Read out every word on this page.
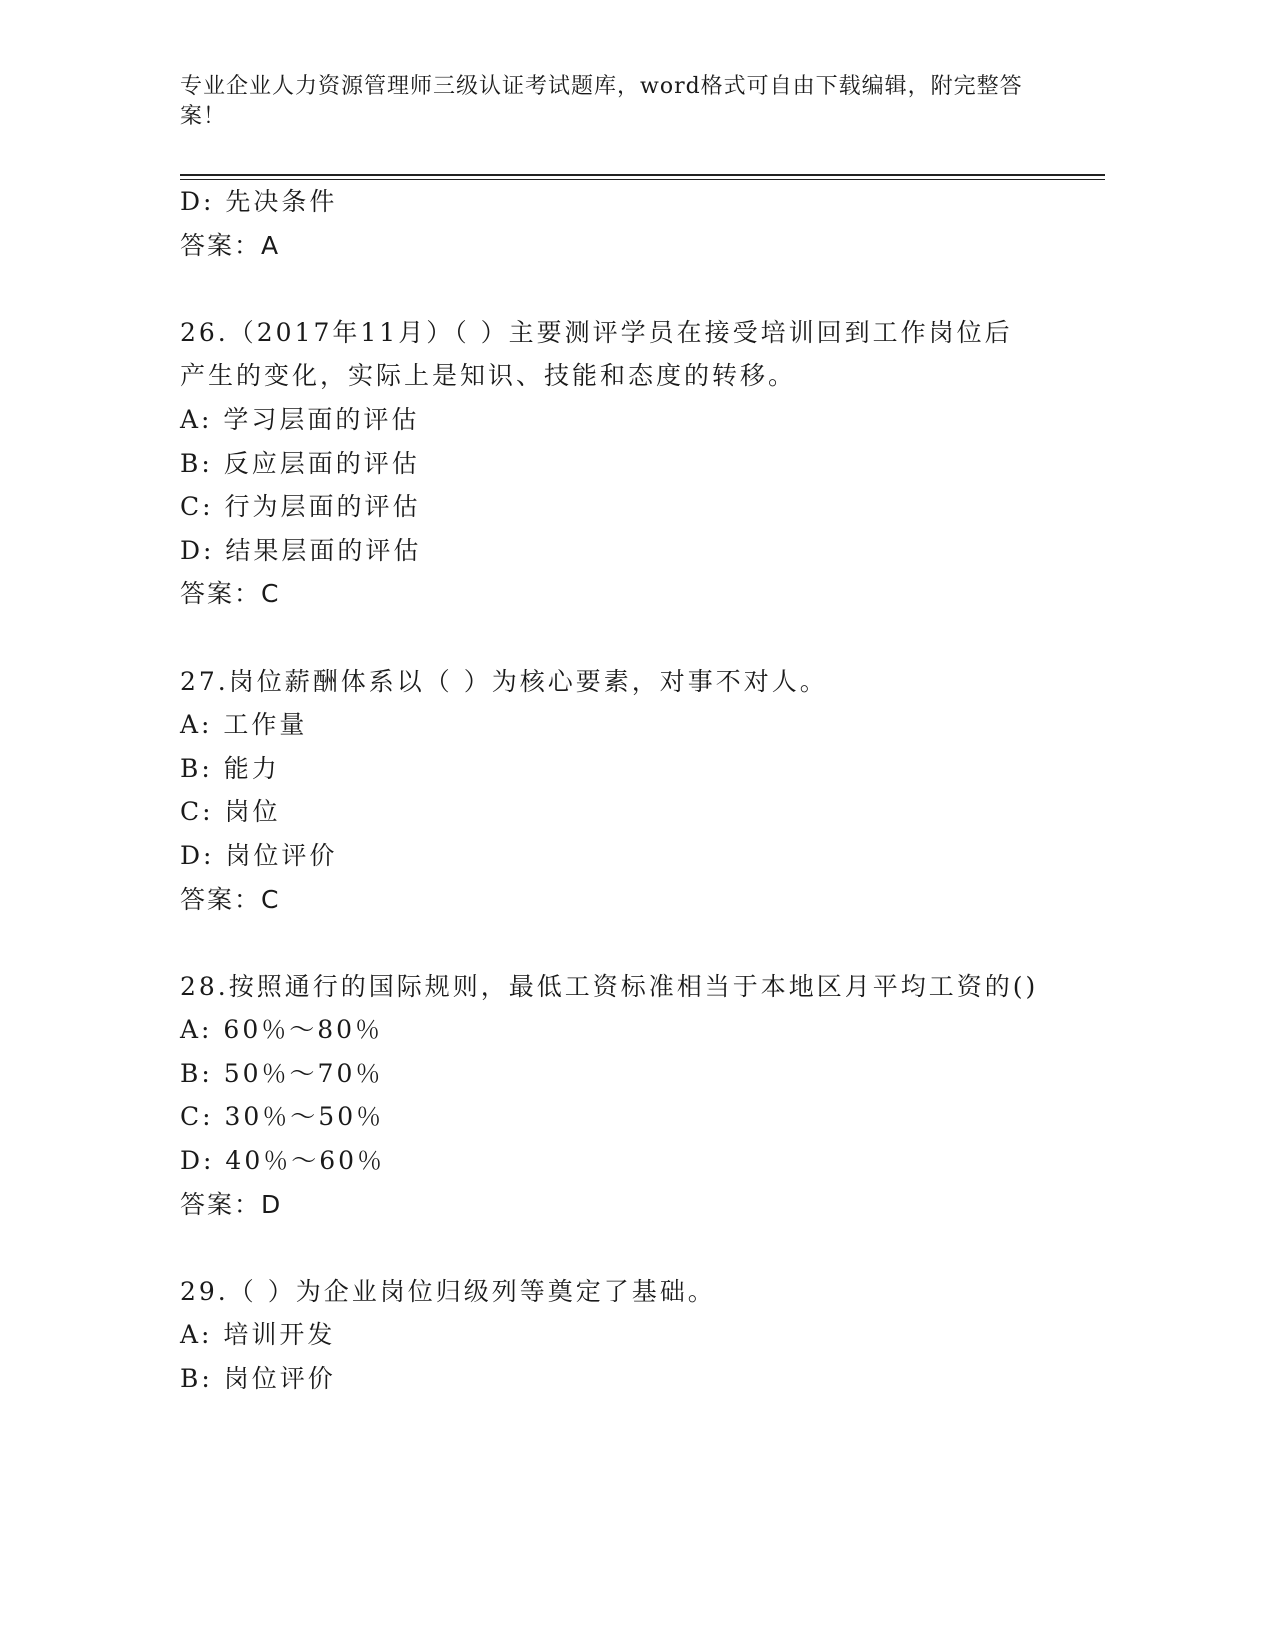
专业企业人力资源管理师三级认证考试题库，word格式可自由下载编辑，附完整答案！
D: 先决条件
答案：A
26.（2017年11月）（ ）主要测评学员在接受培训回到工作岗位后产生的变化，实际上是知识、技能和态度的转移。
A: 学习层面的评估
B: 反应层面的评估
C: 行为层面的评估
D: 结果层面的评估
答案：C
27.岗位薪酬体系以（ ）为核心要素，对事不对人。
A: 工作量
B: 能力
C: 岗位
D: 岗位评价
答案：C
28.按照通行的国际规则，最低工资标准相当于本地区月平均工资的()
A: 60％～80％
B: 50％～70％
C: 30％～50％
D: 40％～60％
答案：D
29.（ ）为企业岗位归级列等奠定了基础。
A: 培训开发
B: 岗位评价
